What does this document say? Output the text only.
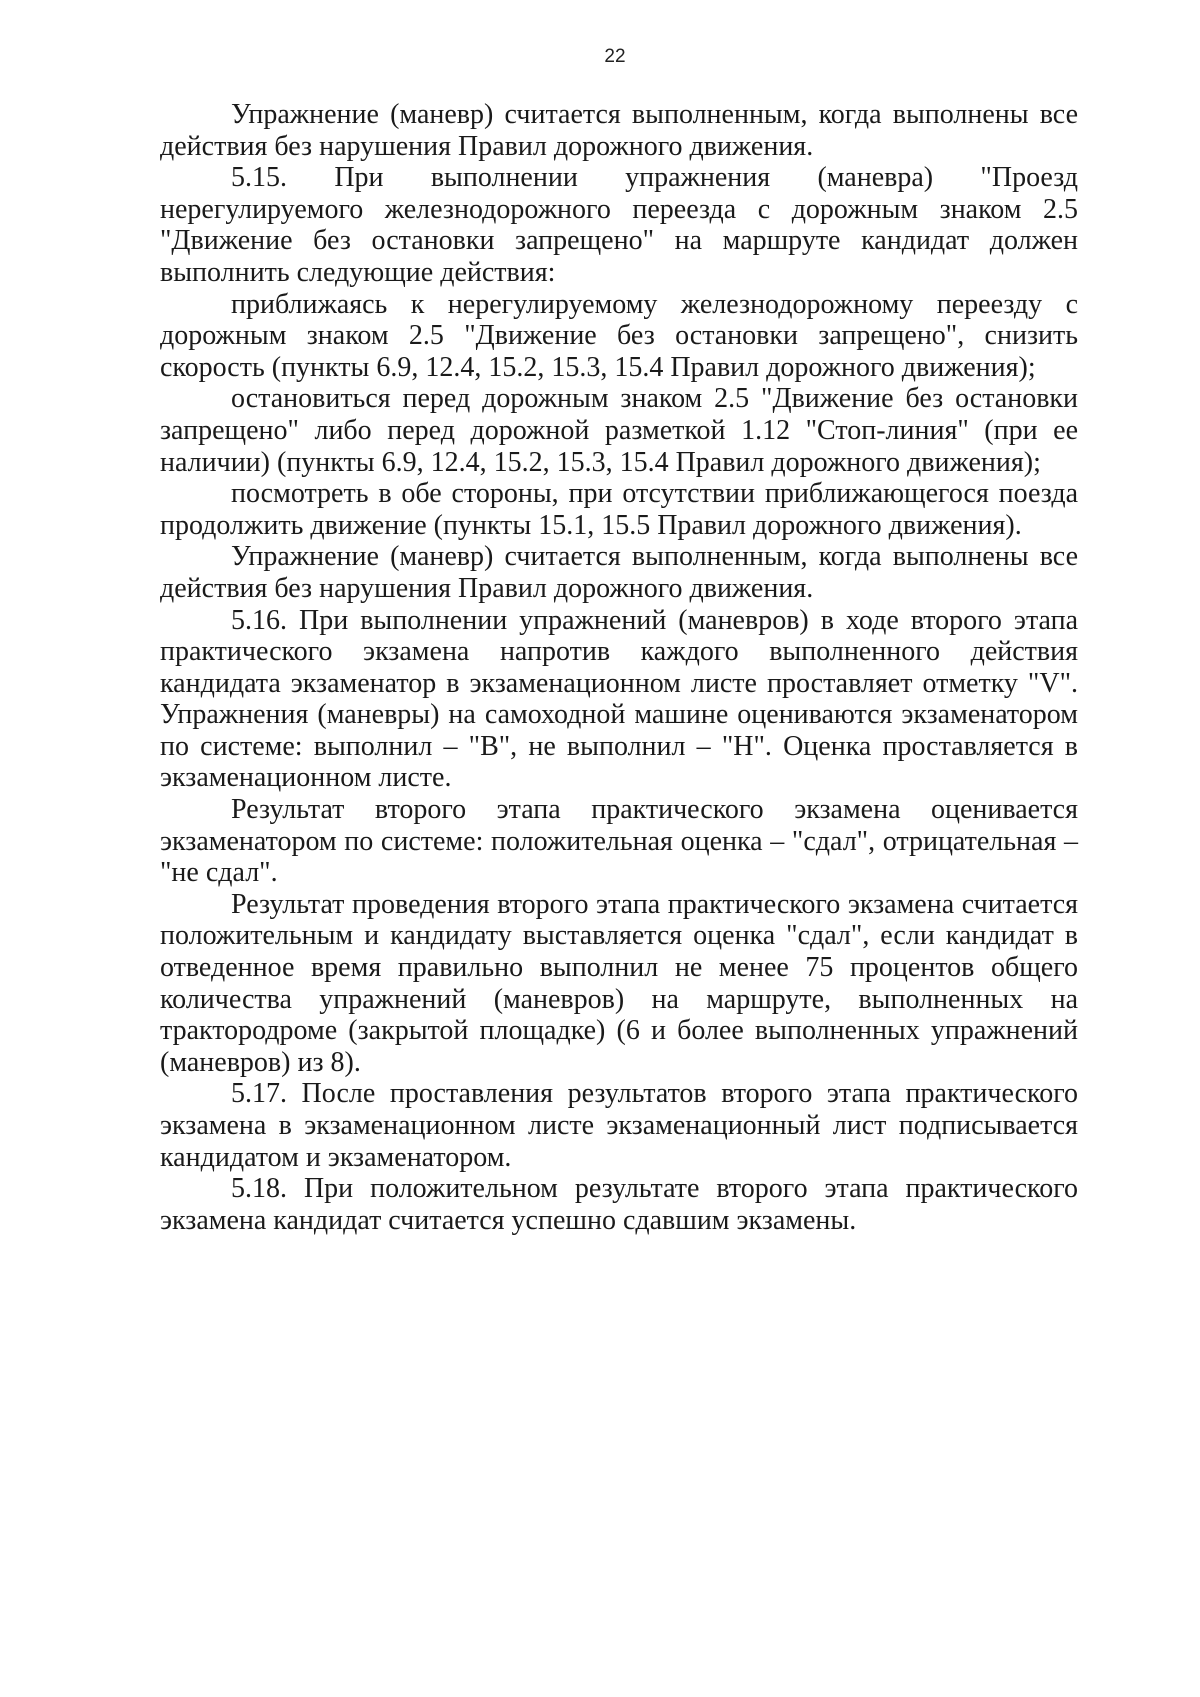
22

Упражнение (маневр) считается выполненным, когда выполнены все действия без нарушения Правил дорожного движения.

5.15. При выполнении упражнения (маневра) "Проезд нерегулируемого железнодорожного переезда с дорожным знаком 2.5 "Движение без остановки запрещено" на маршруте кандидат должен выполнить следующие действия:

приближаясь к нерегулируемому железнодорожному переезду с дорожным знаком 2.5 "Движение без остановки запрещено", снизить скорость (пункты 6.9, 12.4, 15.2, 15.3, 15.4 Правил дорожного движения);

остановиться перед дорожным знаком 2.5 "Движение без остановки запрещено" либо перед дорожной разметкой 1.12 "Стоп-линия" (при ее наличии) (пункты 6.9, 12.4, 15.2, 15.3, 15.4 Правил дорожного движения);

посмотреть в обе стороны, при отсутствии приближающегося поезда продолжить движение (пункты 15.1, 15.5 Правил дорожного движения).

Упражнение (маневр) считается выполненным, когда выполнены все действия без нарушения Правил дорожного движения.

5.16. При выполнении упражнений (маневров) в ходе второго этапа практического экзамена напротив каждого выполненного действия кандидата экзаменатор в экзаменационном листе проставляет отметку "V". Упражнения (маневры) на самоходной машине оцениваются экзаменатором по системе: выполнил – "В", не выполнил – "Н". Оценка проставляется в экзаменационном листе.

Результат второго этапа практического экзамена оценивается экзаменатором по системе: положительная оценка – "сдал", отрицательная – "не сдал".

Результат проведения второго этапа практического экзамена считается положительным и кандидату выставляется оценка "сдал", если кандидат в отведенное время правильно выполнил не менее 75 процентов общего количества упражнений (маневров) на маршруте, выполненных на трактородроме (закрытой площадке) (6 и более выполненных упражнений (маневров) из 8).

5.17. После проставления результатов второго этапа практического экзамена в экзаменационном листе экзаменационный лист подписывается кандидатом и экзаменатором.

5.18. При положительном результате второго этапа практического экзамена кандидат считается успешно сдавшим экзамены.
